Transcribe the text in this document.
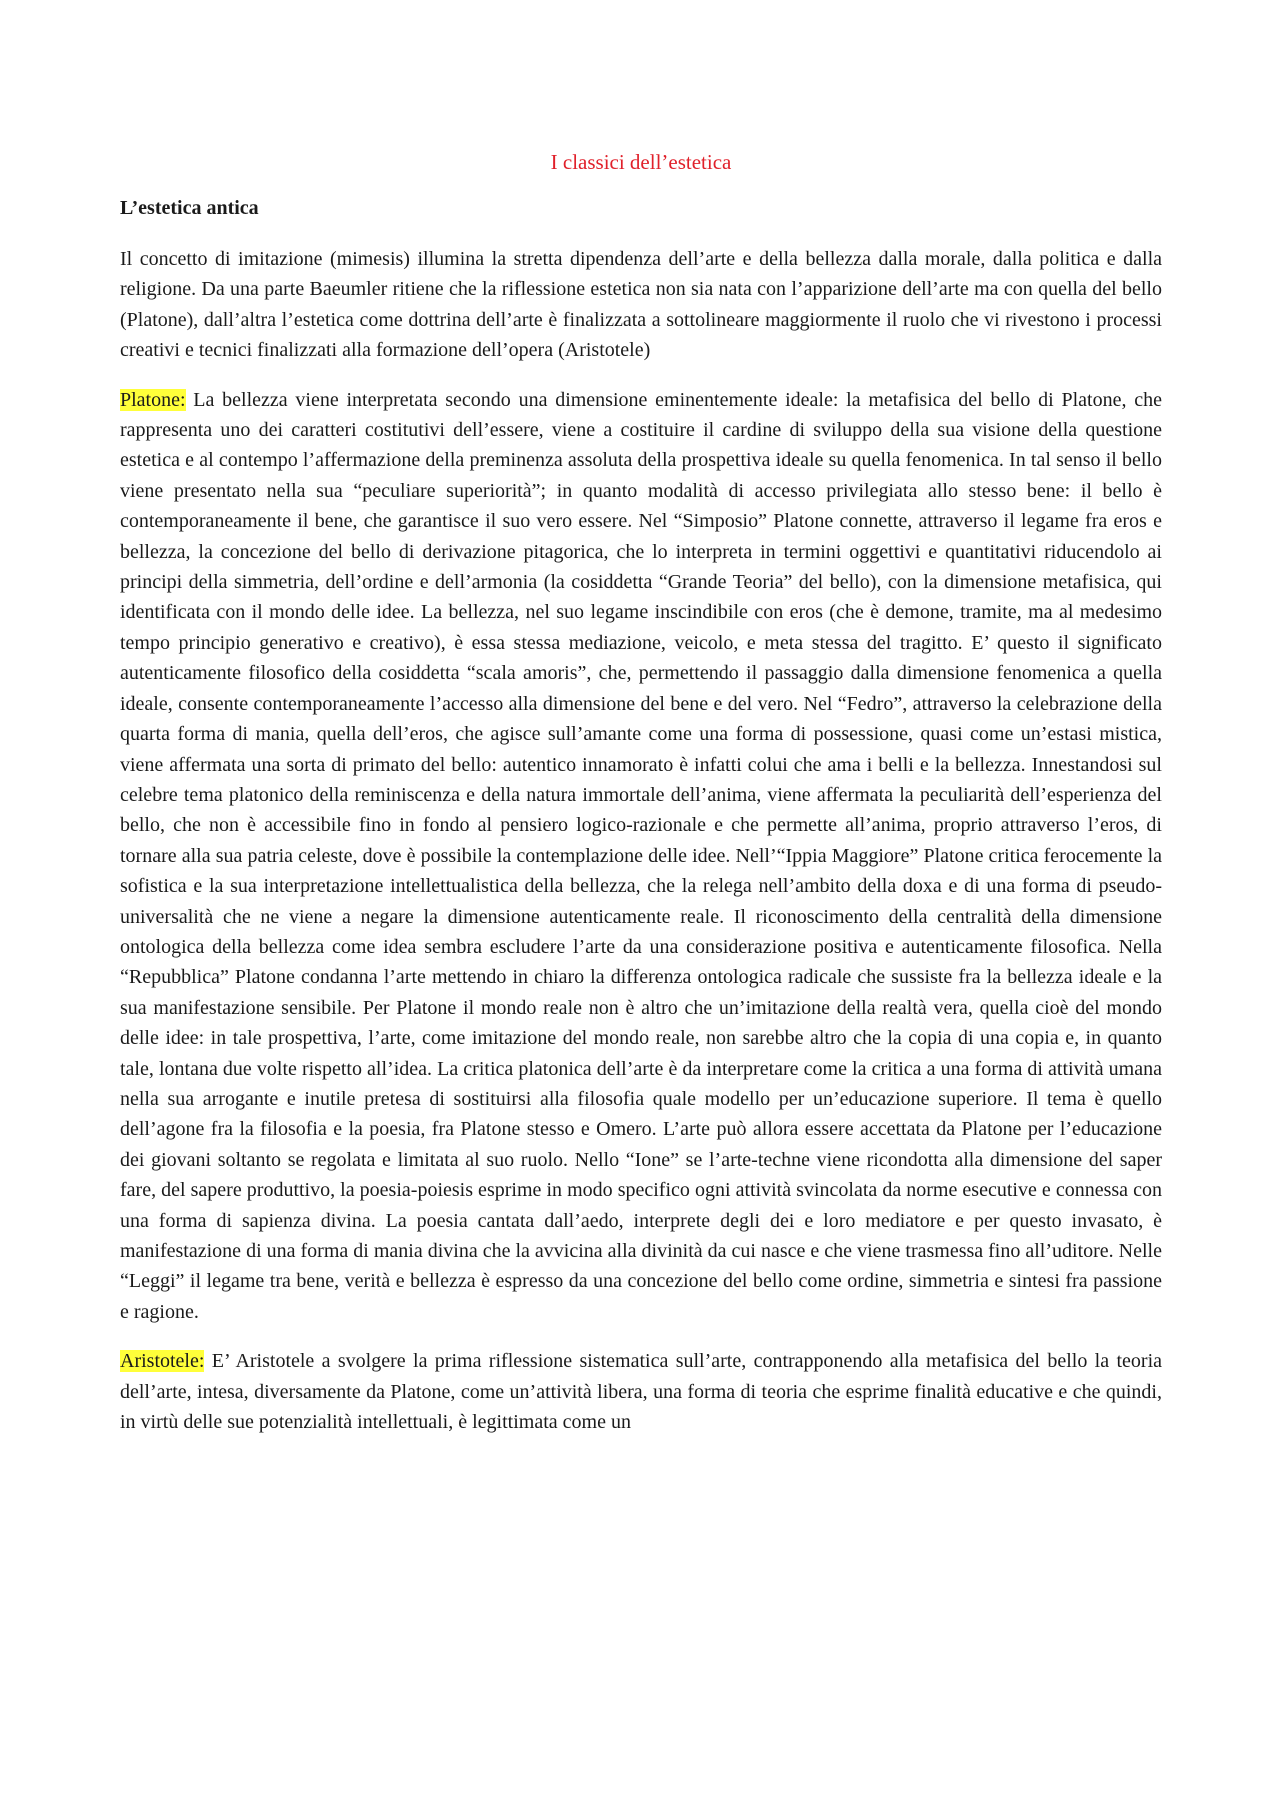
I classici dell’estetica
L’estetica antica

Il concetto di imitazione (mimesis) illumina la stretta dipendenza dell’arte e della bellezza dalla morale, dalla politica e dalla religione. Da una parte Baeumler ritiene che la riflessione estetica non sia nata con l’apparizione dell’arte ma con quella del bello (Platone), dall’altra l’estetica come dottrina dell’arte è finalizzata a sottolineare maggiormente il ruolo che vi rivestono i processi creativi e tecnici finalizzati alla formazione dell’opera (Aristotele)

Platone: La bellezza viene interpretata secondo una dimensione eminentemente ideale: la metafisica del bello di Platone, che rappresenta uno dei caratteri costitutivi dell’essere, viene a costituire il cardine di sviluppo della sua visione della questione estetica e al contempo l’affermazione della preminenza assoluta della prospettiva ideale su quella fenomenica. In tal senso il bello viene presentato nella sua “peculiare superiorità”; in quanto modalità di accesso privilegiata allo stesso bene: il bello è contemporaneamente il bene, che garantisce il suo vero essere. Nel “Simposio” Platone connette, attraverso il legame fra eros e bellezza, la concezione del bello di derivazione pitagorica, che lo interpreta in termini oggettivi e quantitativi riducendolo ai principi della simmetria, dell’ordine e dell’armonia (la cosiddetta “Grande Teoria” del bello), con la dimensione metafisica, qui identificata con il mondo delle idee. La bellezza, nel suo legame inscindibile con eros (che è demone, tramite, ma al medesimo tempo principio generativo e creativo), è essa stessa mediazione, veicolo, e meta stessa del tragitto. E’ questo il significato autenticamente filosofico della cosiddetta “scala amoris”, che, permettendo il passaggio dalla dimensione fenomenica a quella ideale, consente contemporaneamente l’accesso alla dimensione del bene e del vero. Nel “Fedro”, attraverso la celebrazione della quarta forma di mania, quella dell’eros, che agisce sull’amante come una forma di possessione, quasi come un’estasi mistica, viene affermata una sorta di primato del bello: autentico innamorato è infatti colui che ama i belli e la bellezza. Innestandosi sul celebre tema platonico della reminiscenza e della natura immortale dell’anima, viene affermata la peculiarità dell’esperienza del bello, che non è accessibile fino in fondo al pensiero logico-razionale e che permette all’anima, proprio attraverso l’eros, di tornare alla sua patria celeste, dove è possibile la contemplazione delle idee. Nell’“Ippia Maggiore” Platone critica ferocemente la sofistica e la sua interpretazione intellettualistica della bellezza, che la relega nell’ambito della doxa e di una forma di pseudo-universalità che ne viene a negare la dimensione autenticamente reale. Il riconoscimento della centralità della dimensione ontologica della bellezza come idea sembra escludere l’arte da una considerazione positiva e autenticamente filosofica. Nella “Repubblica” Platone condanna l’arte mettendo in chiaro la differenza ontologica radicale che sussiste fra la bellezza ideale e la sua manifestazione sensibile. Per Platone il mondo reale non è altro che un’imitazione della realtà vera, quella cioè del mondo delle idee: in tale prospettiva, l’arte, come imitazione del mondo reale, non sarebbe altro che la copia di una copia e, in quanto tale, lontana due volte rispetto all’idea. La critica platonica dell’arte è da interpretare come la critica a una forma di attività umana nella sua arrogante e inutile pretesa di sostituirsi alla filosofia quale modello per un’educazione superiore. Il tema è quello dell’agone fra la filosofia e la poesia, fra Platone stesso e Omero. L’arte può allora essere accettata da Platone per l’educazione dei giovani soltanto se regolata e limitata al suo ruolo. Nello “Ione” se l’arte-techne viene ricondotta alla dimensione del saper fare, del sapere produttivo, la poesia-poiesis esprime in modo specifico ogni attività svincolata da norme esecutive e connessa con una forma di sapienza divina. La poesia cantata dall’aedo, interprete degli dei e loro mediatore e per questo invasato, è manifestazione di una forma di mania divina che la avvicina alla divinità da cui nasce e che viene trasmessa fino all’uditore. Nelle “Leggi” il legame tra bene, verità e bellezza è espresso da una concezione del bello come ordine, simmetria e sintesi fra passione e ragione.

Aristotele: E’ Aristotele a svolgere la prima riflessione sistematica sull’arte, contrapponendo alla metafisica del bello la teoria dell’arte, intesa, diversamente da Platone, come un’attività libera, una forma di teoria che esprime finalità educative e che quindi, in virtù delle sue potenzialità intellettuali, è legittimata come un
